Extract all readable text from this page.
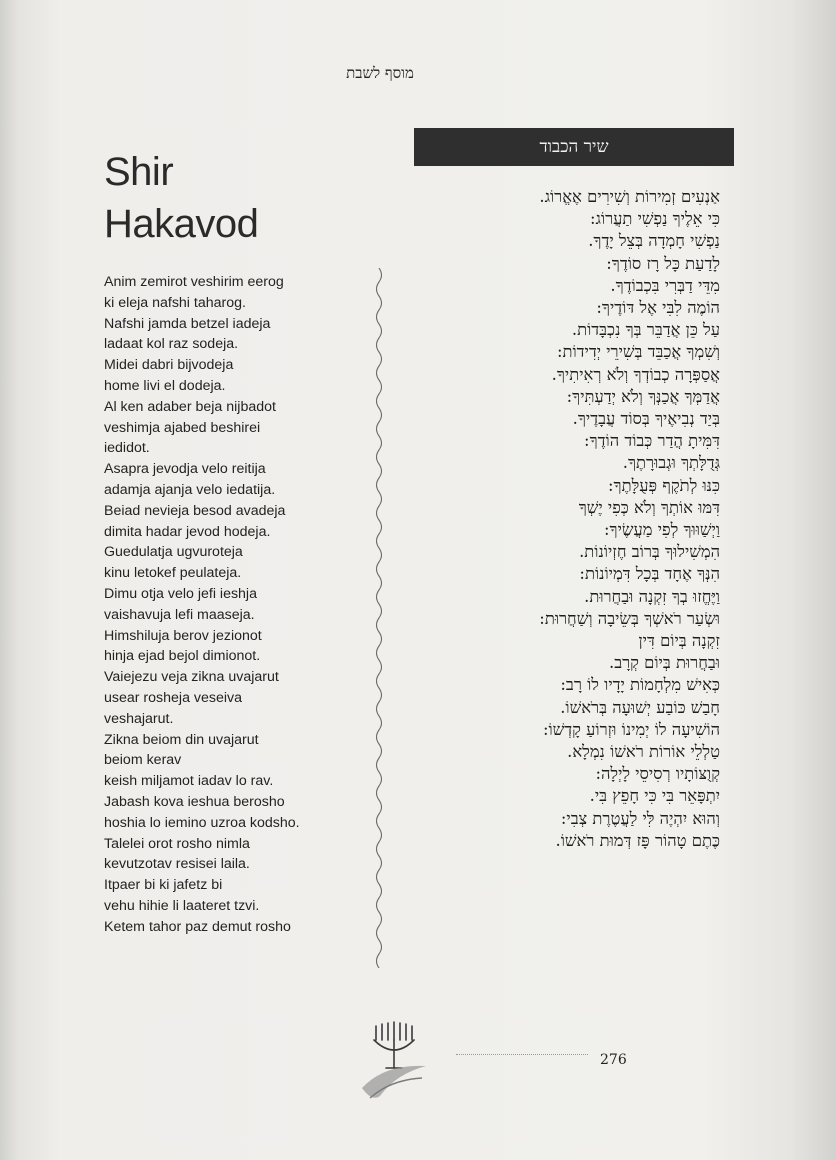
מוסף לשבת
Shir
Hakavod
Anim zemirot veshirim eerog
ki eleja nafshi taharog.
Nafshi jamda betzel iadeja
ladaat kol raz sodeja.
Midei dabri bijvodeja
home livi el dodeja.
Al ken adaber beja nijbadot
veshimja ajabed beshirei
iedidot.
Asapra jevodja velo reitija
adamja ajanja velo iedatija.
Beiad nevieja besod avadeja
dimita hadar jevod hodeja.
Guedulatja ugvuroteja
kinu letokef peulateja.
Dimu otja velo jefi ieshja
vaishavuja lefi maaseja.
Himshiluja berov jezionot
hinja ejad bejol dimionot.
Vaiejezu veja zikna uvajarut
usear rosheja veseiva
veshajarut.
Zikna beiom din uvajarut
beiom kerav
keish miljamot iadav lo rav.
Jabash kova ieshua berosho
hoshia lo iemino uzroa kodsho.
Talelei orot rosho nimla
kevutzotav resisei laila.
Itpaer bi ki jafetz bi
vehu hihie li laateret tzvi.
Ketem tahor paz demut rosho
שיר הכבוד
אַנְעִים זְמִירוֹת וְשִׁירִים אֶאֱרוֹג.
כִּי אֵלֶיךָ נַפְשִׁי תַעֲרוֹג:
נַפְשִׁי חָמְדָה בְּצֵל יָדֶךָ.
לָדַעַת כָּל רָז סוֹדֶךָ:
מִדֵּי דַבְּרִי בִּכְבוֹדֶךָ.
הוֹמֶה לִבִּי אֶל דּוֹדֶיךָ:
עַל כֵּן אֲדַבֵּר בְּךָ נִכְבָּדוֹת.
וְשִׁמְךָ אֲכַבֵּד בְּשִׁירֵי יְדִידוֹת:
אֲסַפְּרָה כְבוֹדְךָ וְלֹא רְאִיתִיךָ.
אֲדַמְּךָ אֲכַנְּךָ וְלֹא יְדַעְתִּיךָ:
בְּיַד נְבִיאֶיךָ בְּסוֹד עֲבָדֶיךָ.
דִּמִּיתָ הֲדַר כְּבוֹד הוֹדֶךָ:
גְּדֻלָּתְךָ וּגְבוּרָתֶךָ.
כִּנּוּ לְתֹקֶף פְּעֻלָּתֶךָ:
דִּמּוּ אוֹתְךָ וְלֹא כְּפִי יֶשְׁךָ
וַיְשַׁוּוּךָ לְפִי מַעֲשֶׂיךָ:
הִמְשִׁילוּךָ בְּרוֹב חֶזְיוֹנוֹת.
הִנְּךָ אֶחָד בְּכָל דִּמְיוֹנוֹת:
וַיֶּחֱזוּ בְךָ זִקְנָה וּבַחֲרוּת.
וּשְׂעַר רֹאשְׁךָ בְּשֵׂיבָה וְשַׁחֲרוּת:
זִקְנָה בְּיוֹם דִּין
וּבַחֲרוּת בְּיוֹם קְרָב.
כְּאִישׁ מִלְחָמוֹת יָדָיו לוֹ רָב:
חָבַשׁ כּוֹבַע יְשׁוּעָה בְּרֹאשׁוֹ.
הוֹשִׁיעָה לוֹ יְמִינוֹ וּזְרוֹעַ קָדְשׁוֹ:
טַלְלֵי אוֹרוֹת רֹאשׁוֹ נִמְלָא.
קְוֻצּוֹתָיו רְסִיסֵי לָיְלָה:
יִתְפָּאֵר בִּי כִּי חָפֵץ בִּי.
וְהוּא יִהְיֶה לִּי לַעֲטֶרֶת צְבִי:
כֶּתֶם טָהוֹר פָּז דְּמוּת רֹאשׁוֹ.
276
